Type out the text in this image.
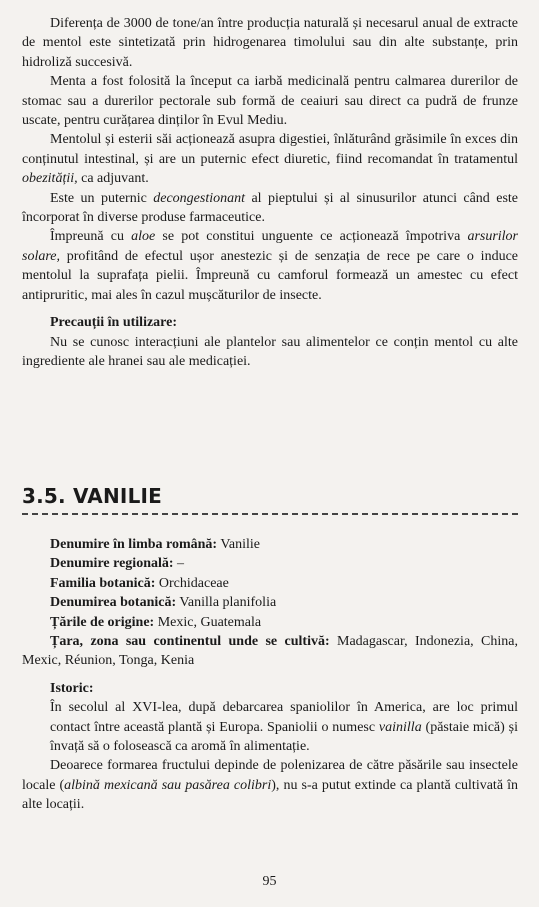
Diferența de 3000 de tone/an între producția naturală și necesarul anual de extracte de mentol este sintetizată prin hidrogenarea timolului sau din alte substanțe, prin hidroliză succesivă.

Menta a fost folosită la început ca iarbă medicinală pentru calmarea durerilor de stomac sau a durerilor pectorale sub formă de ceaiuri sau direct ca pudră de frunze uscate, pentru curățarea dinților în Evul Mediu.

Mentolul și esterii săi acționează asupra digestiei, înlăturând grăsimile în exces din conținutul intestinal, și are un puternic efect diuretic, fiind recomandat în tratamentul obezității, ca adjuvant.

Este un puternic decongestionant al pieptului și al sinusurilor atunci când este încorporat în diverse produse farmaceutice.

Împreună cu aloe se pot constitui unguente ce acționează împotriva arsurilor solare, profitând de efectul ușor anestezic și de senzația de rece pe care o induce mentolul la suprafața pielii. Împreună cu camforul formează un amestec cu efect antipruritic, mai ales în cazul mușcăturilor de insecte.

Precauții în utilizare:

Nu se cunosc interacțiuni ale plantelor sau alimentelor ce conțin mentol cu alte ingrediente ale hranei sau ale medicației.

3.5. VANILIE

Denumire în limba română: Vanilie

Denumire regională: –

Familia botanică: Orchidaceae

Denumirea botanică: Vanilla planifolia

Țările de origine: Mexic, Guatemala

Țara, zona sau continentul unde se cultivă: Madagascar, Indonezia, China, Mexic, Réunion, Tonga, Kenia

Istoric:

În secolul al XVI-lea, după debarcarea spaniolilor în America, are loc primul contact între această plantă și Europa. Spaniolii o numesc vainilla (păstaie mică) și învață să o folosească ca aromă în alimentație.

Deoarece formarea fructului depinde de polenizarea de către păsările sau insectele locale (albină mexicană sau pasărea colibri), nu s-a putut extinde ca plantă cultivată în alte locații.

95
